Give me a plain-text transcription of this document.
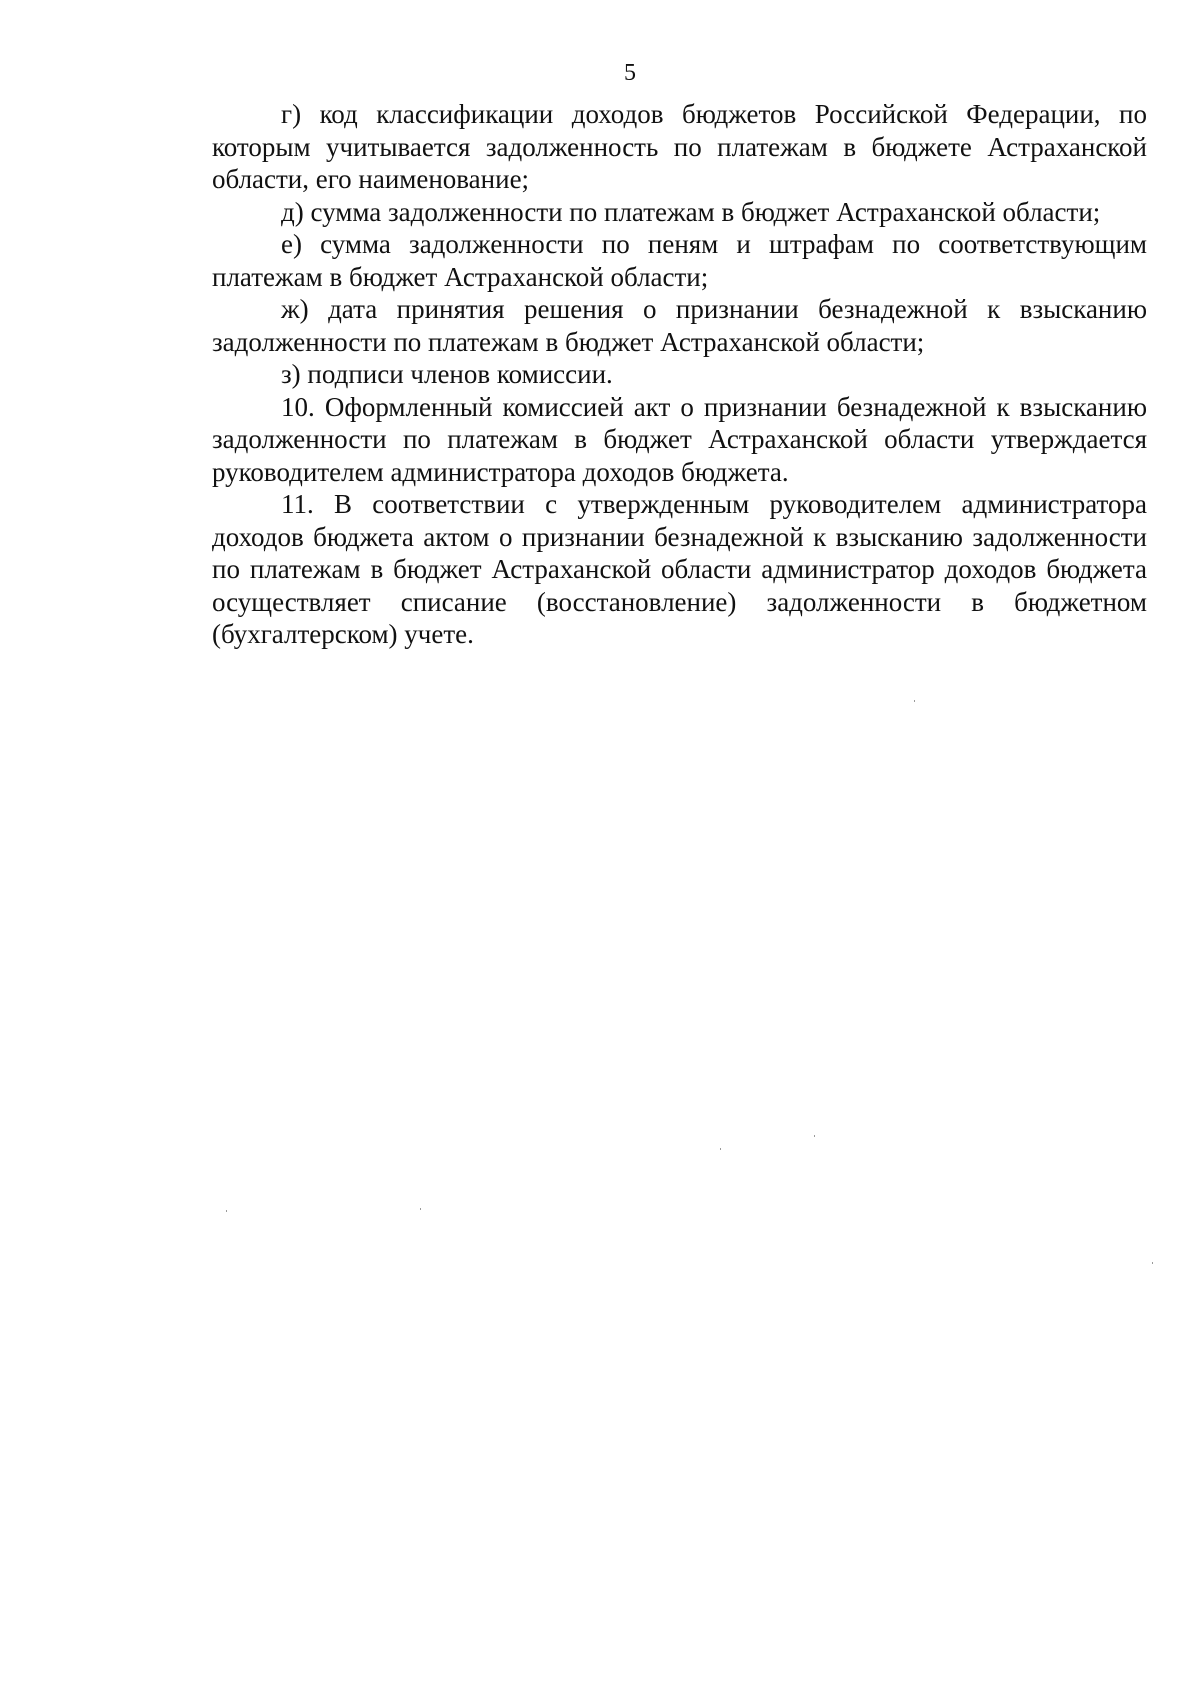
5

г) код классификации доходов бюджетов Российской Федерации, по которым учитывается задолженность по платежам в бюджете Астраханской области, его наименование;

д) сумма задолженности по платежам в бюджет Астраханской области;

е) сумма задолженности по пеням и штрафам по соответствующим платежам в бюджет Астраханской области;

ж) дата принятия решения о признании безнадежной к взысканию задолженности по платежам в бюджет Астраханской области;

з) подписи членов комиссии.

10. Оформленный комиссией акт о признании безнадежной к взысканию задолженности по платежам в бюджет Астраханской области утверждается руководителем администратора доходов бюджета.

11. В соответствии с утвержденным руководителем администратора доходов бюджета актом о признании безнадежной к взысканию задолженности по платежам в бюджет Астраханской области администратор доходов бюджета осуществляет списание (восстановление) задолженности в бюджетном (бухгалтерском) учете.
